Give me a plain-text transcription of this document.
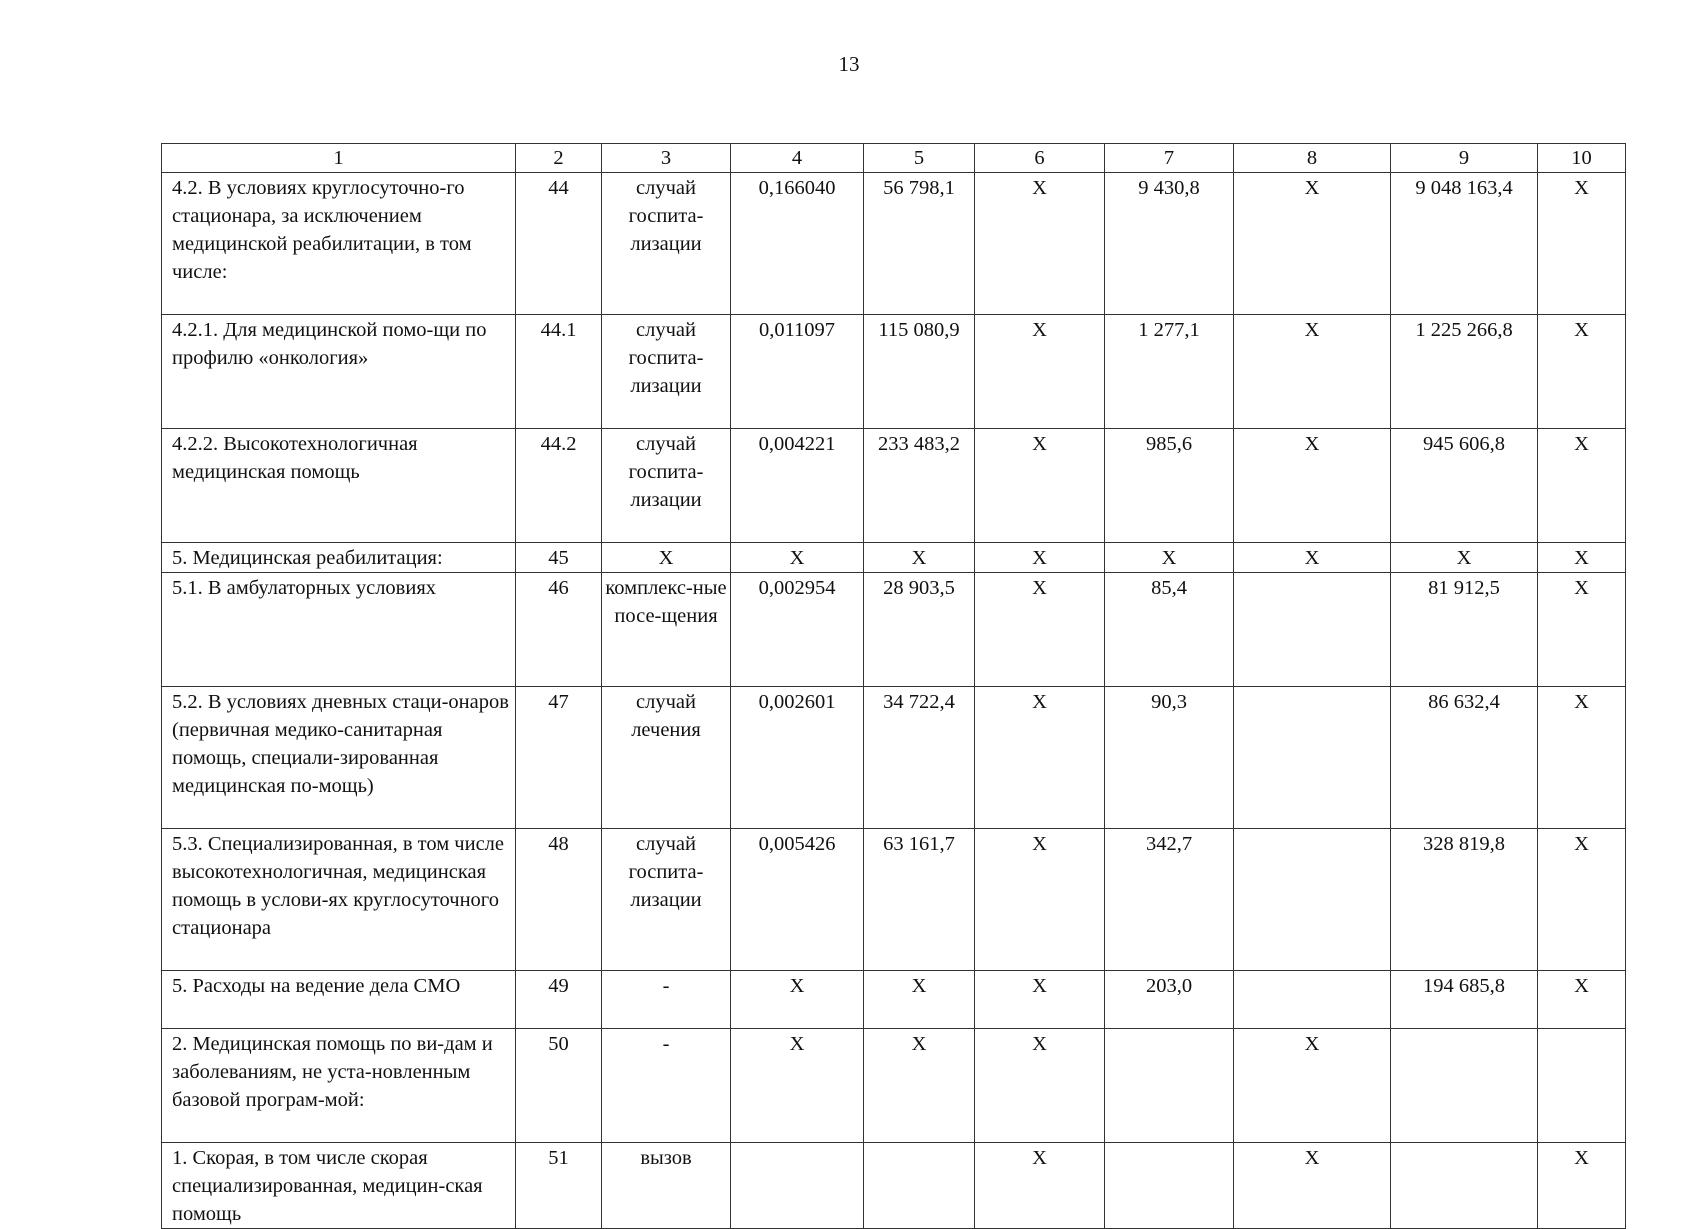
13
1	2	3	4	5	6	7	8	9	10
4.2. В условиях круглосуточно-го стационара, за исключением медицинской реабилитации, в том числе:	44	случай госпита-лизации	0,166040	56 798,1	X	9 430,8	X	9 048 163,4	X
4.2.1. Для медицинской помо-щи по профилю «онкология»	44.1	случай госпита-лизации	0,011097	115 080,9	X	1 277,1	X	1 225 266,8	X
4.2.2. Высокотехнологичная медицинская помощь	44.2	случай госпита-лизации	0,004221	233 483,2	X	985,6	X	945 606,8	X
5. Медицинская реабилитация:	45	X	X	X	X	X	X	X	X
5.1. В амбулаторных условиях	46	комплекс-ные посе-щения	0,002954	28 903,5	X	85,4		81 912,5	X
5.2. В условиях дневных стаци-онаров (первичная медико-санитарная помощь, специали-зированная медицинская по-мощь)	47	случай лечения	0,002601	34 722,4	X	90,3		86 632,4	X
5.3. Специализированная, в том числе высокотехнологичная, медицинская помощь в услови-ях круглосуточного стационара	48	случай госпита-лизации	0,005426	63 161,7	X	342,7		328 819,8	X
5. Расходы на ведение дела СМО	49	-	X	X	X	203,0		194 685,8	X
2. Медицинская помощь по ви-дам и заболеваниям, не уста-новленным базовой програм-мой:	50	-	X	X	X		X		
1. Скорая, в том числе скорая специализированная, медицин-ская помощь	51	вызов			X		X		X
